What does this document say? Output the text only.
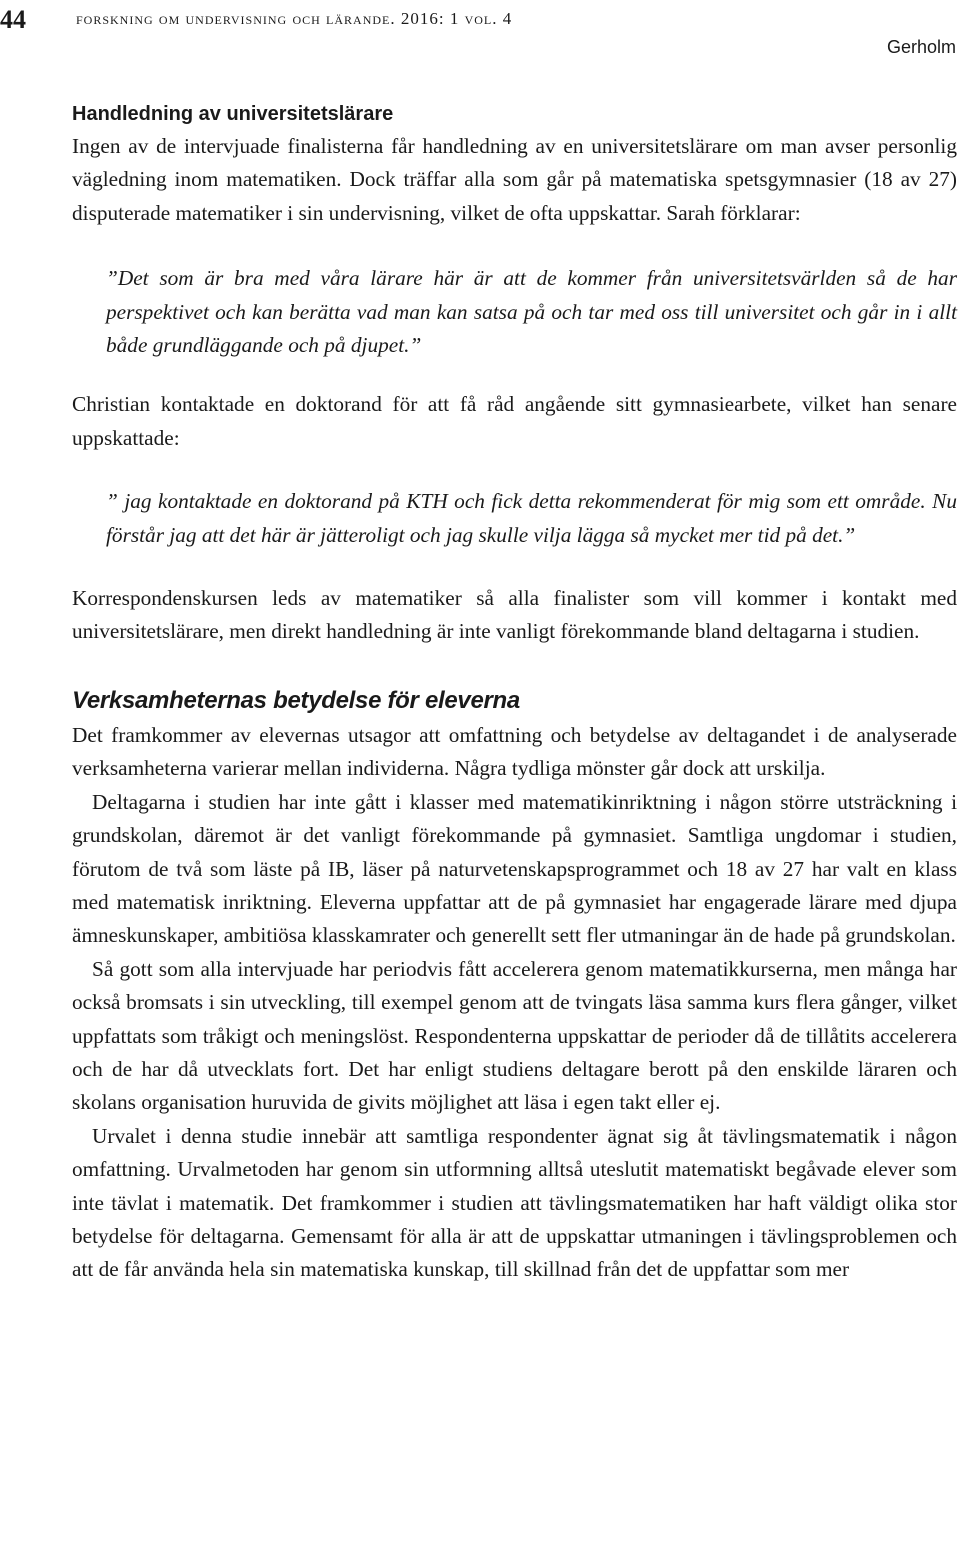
44	forskning om undervisning och lärande. 2016: 1 vol. 4
Gerholm
Handledning av universitetslärare

Ingen av de intervjuade finalisterna får handledning av en universitetslärare om man avser personlig vägledning inom matematiken. Dock träffar alla som går på matematiska spetsgymnasier (18 av 27) disputerade matematiker i sin undervisning, vilket de ofta uppskattar. Sarah förklarar:

”Det som är bra med våra lärare här är att de kommer från universitetsvärlden så de har perspektivet och kan berätta vad man kan satsa på och tar med oss till universitet och går in i allt både grundläggande och på djupet.”

Christian kontaktade en doktorand för att få råd angående sitt gymnasiearbete, vilket han senare uppskattade:

” jag kontaktade en doktorand på KTH och fick detta rekommenderat för mig som ett område. Nu förstår jag att det här är jätteroligt och jag skulle vilja lägga så mycket mer tid på det.”

Korrespondenskursen leds av matematiker så alla finalister som vill kommer i kontakt med universitetslärare, men direkt handledning är inte vanligt förekommande bland deltagarna i studien.

Verksamheternas betydelse för eleverna

Det framkommer av elevernas utsagor att omfattning och betydelse av deltagandet i de analyserade verksamheterna varierar mellan individerna. Några tydliga mönster går dock att urskilja.

Deltagarna i studien har inte gått i klasser med matematikinriktning i någon större utsträckning i grundskolan, däremot är det vanligt förekommande på gymnasiet. Samtliga ungdomar i studien, förutom de två som läste på IB, läser på naturvetenskapsprogrammet och 18 av 27 har valt en klass med matematisk inriktning. Eleverna uppfattar att de på gymnasiet har engagerade lärare med djupa ämneskunskaper, ambitiösa klasskamrater och generellt sett fler utmaningar än de hade på grundskolan.

Så gott som alla intervjuade har periodvis fått accelerera genom matematikkurserna, men många har också bromsats i sin utveckling, till exempel genom att de tvingats läsa samma kurs flera gånger, vilket uppfattats som tråkigt och meningslöst. Respondenterna uppskattar de perioder då de tillåtits accelerera och de har då utvecklats fort. Det har enligt studiens deltagare berott på den enskilde läraren och skolans organisation huruvida de givits möjlighet att läsa i egen takt eller ej.

Urvalet i denna studie innebär att samtliga respondenter ägnat sig åt tävlingsmatematik i någon omfattning. Urvalmetoden har genom sin utformning alltså uteslutit matematiskt begåvade elever som inte tävlat i matematik. Det framkommer i studien att tävlingsmatematiken har haft väldigt olika stor betydelse för deltagarna. Gemensamt för alla är att de uppskattar utmaningen i tävlingsproblemen och att de får använda hela sin matematiska kunskap, till skillnad från det de uppfattar som mer
